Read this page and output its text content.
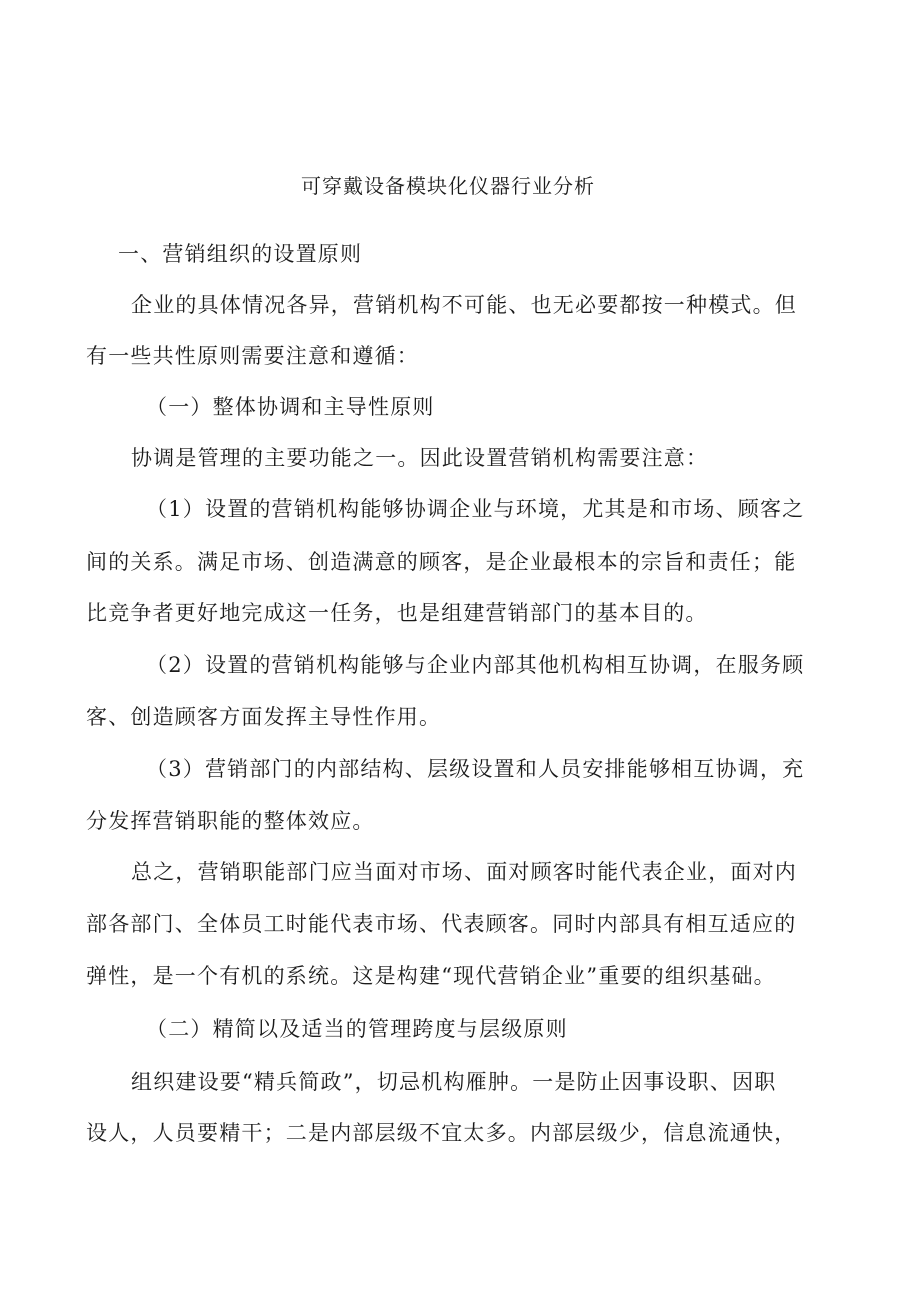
可穿戴设备模块化仪器行业分析
一、营销组织的设置原则
企业的具体情况各异，营销机构不可能、也无必要都按一种模式。但
有一些共性原则需要注意和遵循：
（一）整体协调和主导性原则
协调是管理的主要功能之一。因此设置营销机构需要注意：
（1）设置的营销机构能够协调企业与环境，尤其是和市场、顾客之
间的关系。满足市场、创造满意的顾客，是企业最根本的宗旨和责任；能
比竞争者更好地完成这一任务，也是组建营销部门的基本目的。
（2）设置的营销机构能够与企业内部其他机构相互协调，在服务顾
客、创造顾客方面发挥主导性作用。
（3）营销部门的内部结构、层级设置和人员安排能够相互协调，充
分发挥营销职能的整体效应。
总之，营销职能部门应当面对市场、面对顾客时能代表企业，面对内
部各部门、全体员工时能代表市场、代表顾客。同时内部具有相互适应的
弹性，是一个有机的系统。这是构建“现代营销企业”重要的组织基础。
（二）精简以及适当的管理跨度与层级原则
组织建设要“精兵简政”，切忌机构雁肿。一是防止因事设职、因职
设人，人员要精干；二是内部层级不宜太多。内部层级少，信息流通快，
